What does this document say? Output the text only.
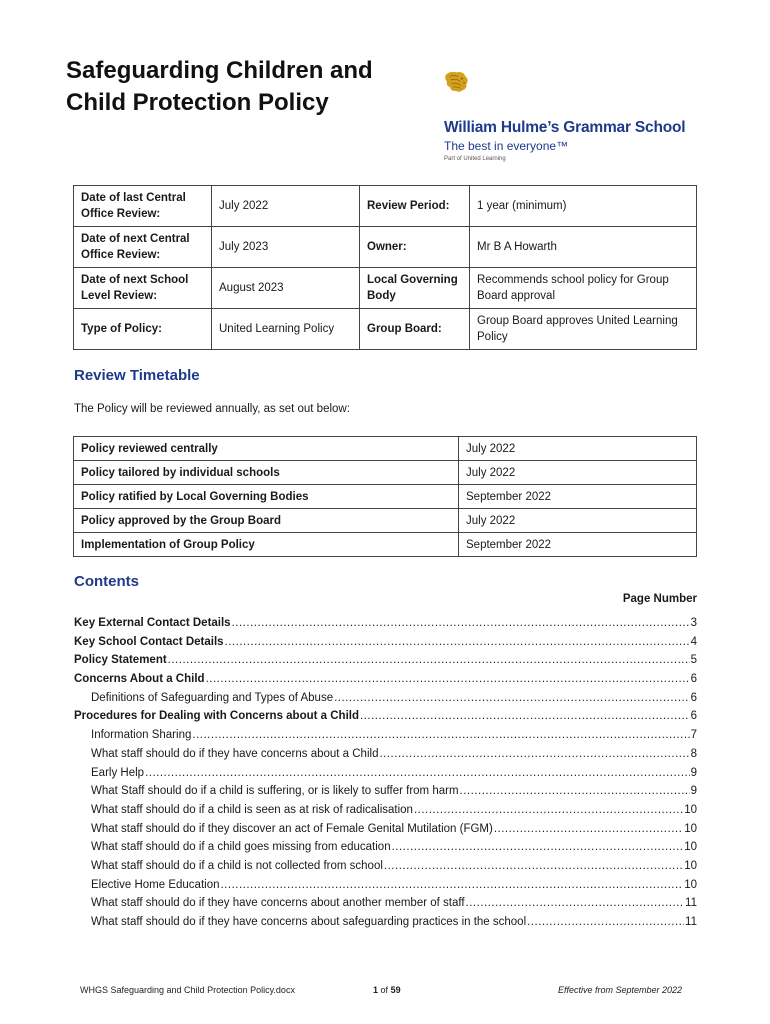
Safeguarding Children and
Child Protection Policy
William Hulme’s Grammar School
The best in everyone™
Part of United Learning
Date of last Central Office Review:	July 2022	Review Period:	1 year (minimum)
Date of next Central Office Review:	July 2023	Owner:	Mr B A Howarth
Date of next School Level Review:	August 2023	Local Governing Body	Recommends school policy for Group Board approval
Type of Policy:	United Learning Policy	Group Board:	Group Board approves United Learning Policy
Review Timetable
The Policy will be reviewed annually, as set out below:
Policy reviewed centrally	July 2022
Policy tailored by individual schools	July 2022
Policy ratified by Local Governing Bodies	September 2022
Policy approved by the Group Board	July 2022
Implementation of Group Policy	September 2022
Contents
Page Number
Key External Contact Details .....	3
Key School Contact Details .....	4
Policy Statement .....	5
Concerns About a Child .....	6
Definitions of Safeguarding and Types of Abuse .....	6
Procedures for Dealing with Concerns about a Child .....	6
Information Sharing .....	7
What staff should do if they have concerns about a Child .....	8
Early Help .....	9
What Staff should do if a child is suffering, or is likely to suffer from harm .....	9
What staff should do if a child is seen as at risk of radicalisation .....	10
What staff should do if they discover an act of Female Genital Mutilation (FGM) .....	10
What staff should do if a child goes missing from education .....	10
What staff should do if a child is not collected from school .....	10
Elective Home Education .....	10
What staff should do if they have concerns about another member of staff .....	11
What staff should do if they have concerns about safeguarding practices in the school .....	11
WHGS Safeguarding and Child Protection Policy.docx	1 of 59	Effective from September 2022
